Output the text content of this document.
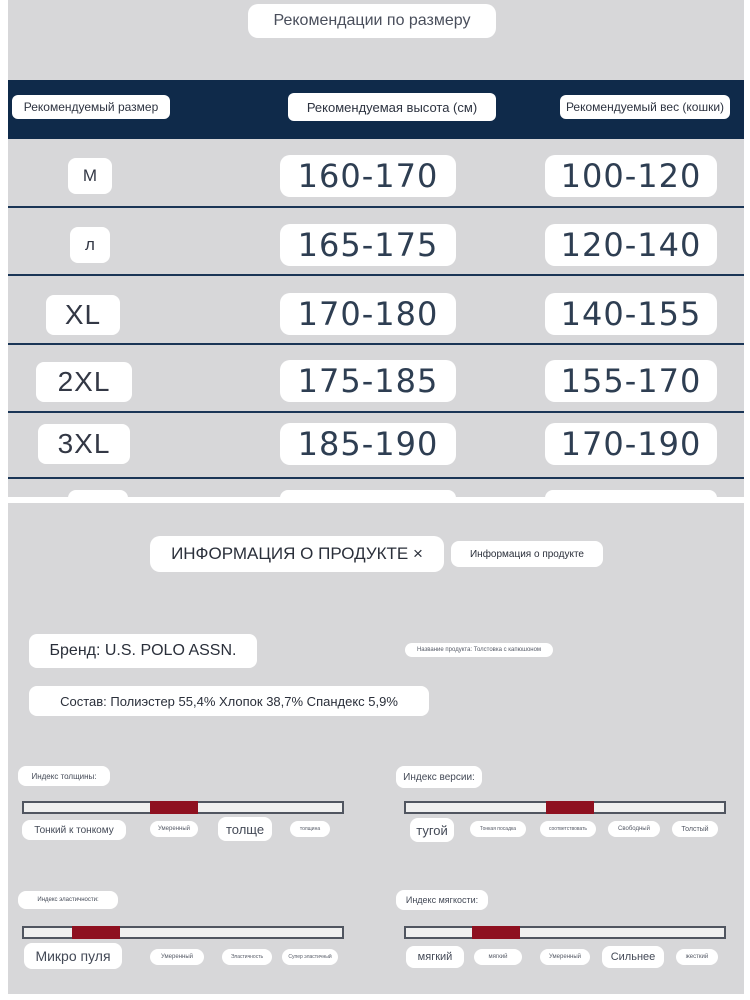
Рекомендации по размеру
Рекомендуемый размер	Рекомендуемая высота (см)	Рекомендуемый вес (кошки)
M	160-170	100-120
л	165-175	120-140
XL	170-180	140-155
2XL	175-185	155-170
3XL	185-190	170-190
ИНФОРМАЦИЯ О ПРОДУКТЕ ×	Информация о продукте
Бренд: U.S. POLO ASSN.	Название продукта: Толстовка с капюшоном
Состав: Полиэстер 55,4% Хлопок 38,7% Спандекс 5,9%
Индекс толщины:
Тонкий к тонкому	Умеренный	толще	толщина
Индекс версии:
тугой	Тонкая посадка	соответствовать	Свободный	Толстый
Индекс эластичности:
Микро пуля	Умеренный	Эластичность	Супер эластичный
Индекс мягкости:
мягкий	мягкий	Умеренный	Сильнее	жесткий
